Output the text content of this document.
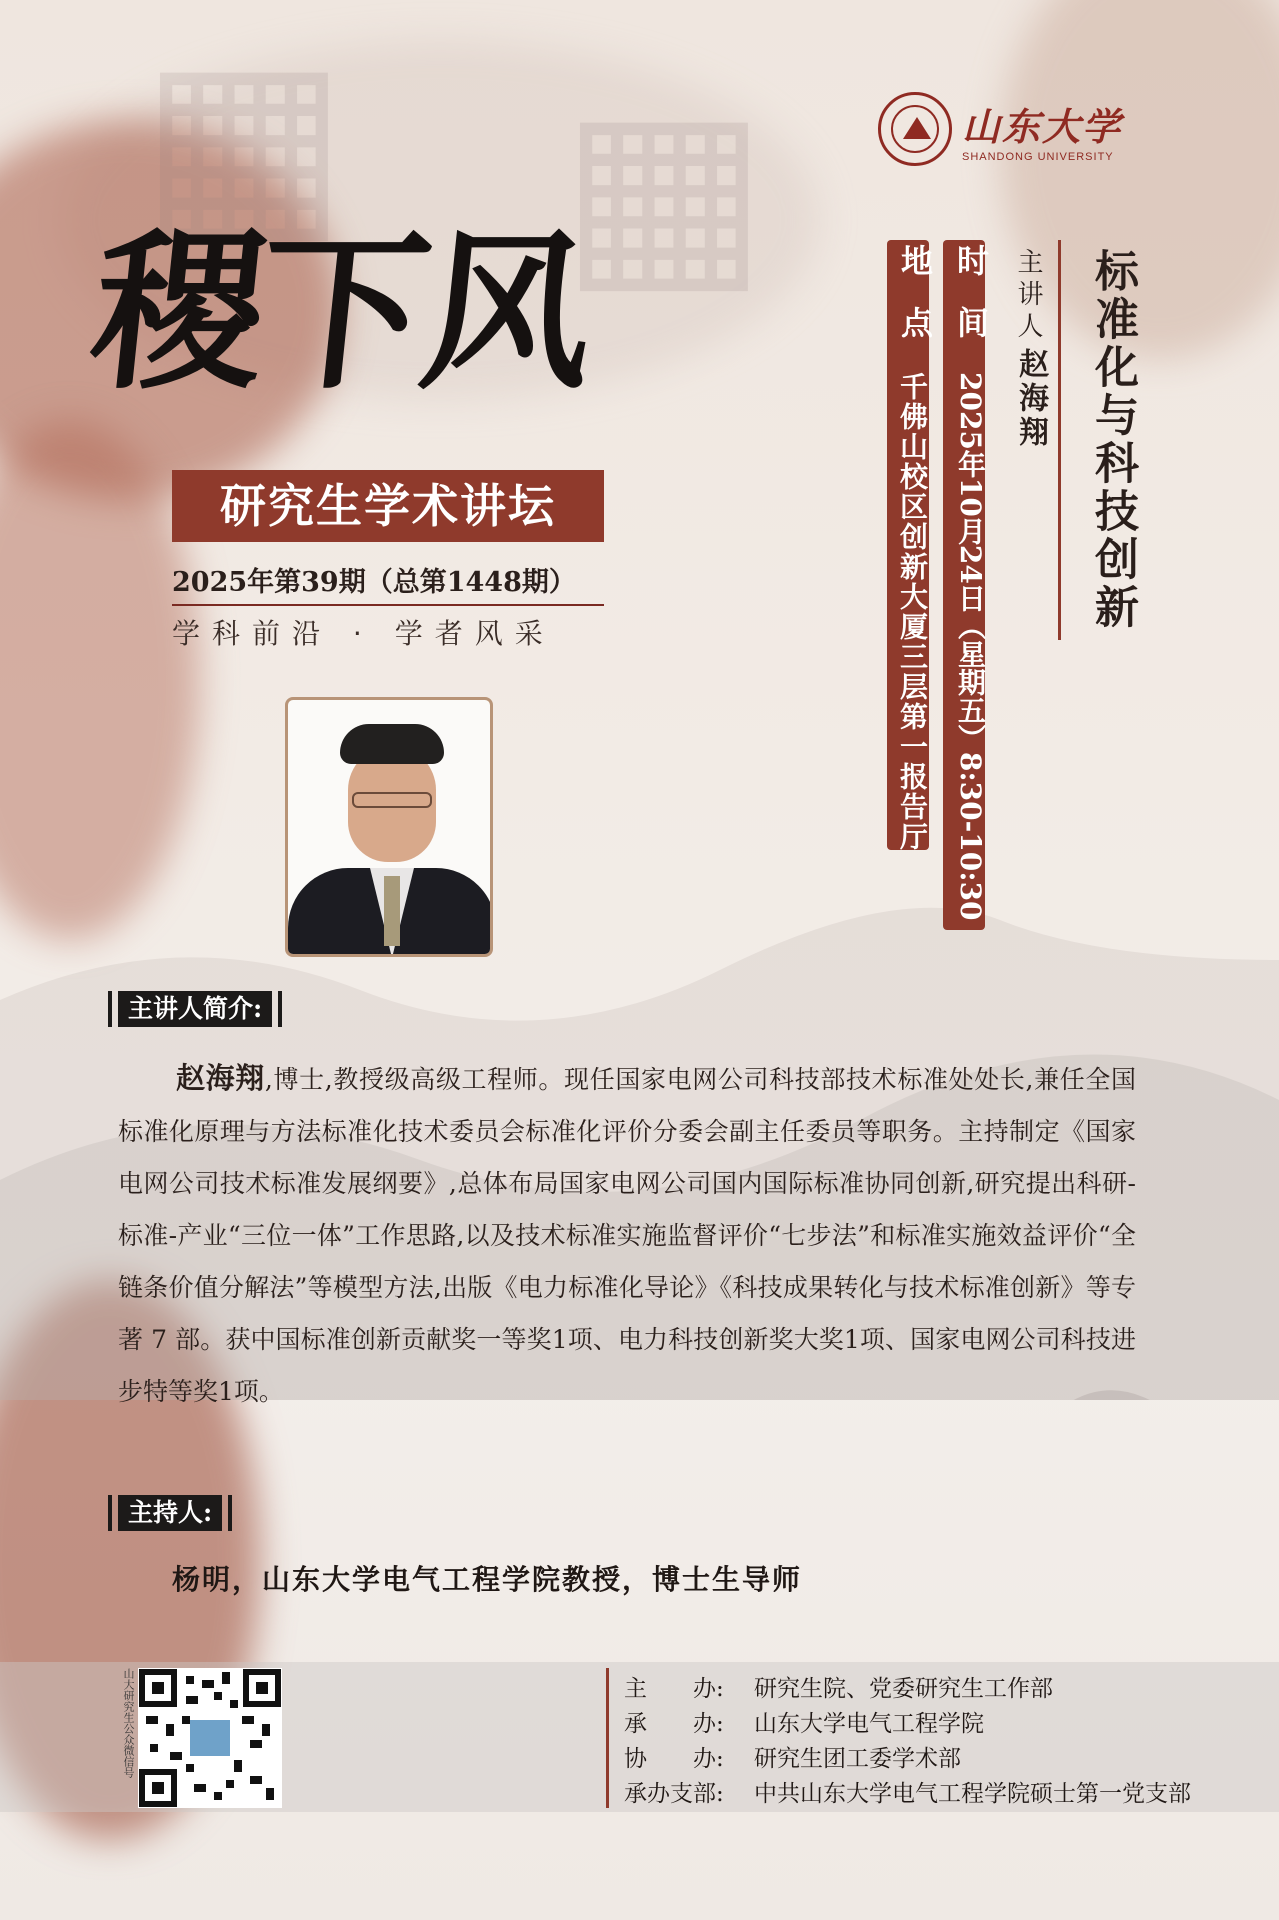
▦ ▦	山东大学
SHANDONG UNIVERSITY
稷下风
研究生学术讲坛
2025年第39期（总第1448期）
学科前沿 · 学者风采
标准化与科技创新
主讲人
赵海翔
时间
2025年10月24日（星期五）8:30-10:30
地点
千佛山校区创新大厦三层第一报告厅
主讲人简介:
赵海翔,博士,教授级高级工程师。现任国家电网公司科技部技术标准处处长,兼任全国标准化原理与方法标准化技术委员会标准化评价分委会副主任委员等职务。主持制定《国家电网公司技术标准发展纲要》,总体布局国家电网公司国内国际标准协同创新,研究提出科研-标准-产业“三位一体”工作思路,以及技术标准实施监督评价“七步法”和标准实施效益评价“全链条价值分解法”等模型方法,出版《电力标准化导论》《科技成果转化与技术标准创新》等专著 7 部。获中国标准创新贡献奖一等奖1项、电力科技创新奖大奖1项、国家电网公司科技进步特等奖1项。
主持人:
杨明，山东大学电气工程学院教授，博士生导师
山大研究生公众微信号	主　　办: 研究生院、党委研究生工作部
承　　办: 山东大学电气工程学院
协　　办: 研究生团工委学术部
承办支部: 中共山东大学电气工程学院硕士第一党支部
